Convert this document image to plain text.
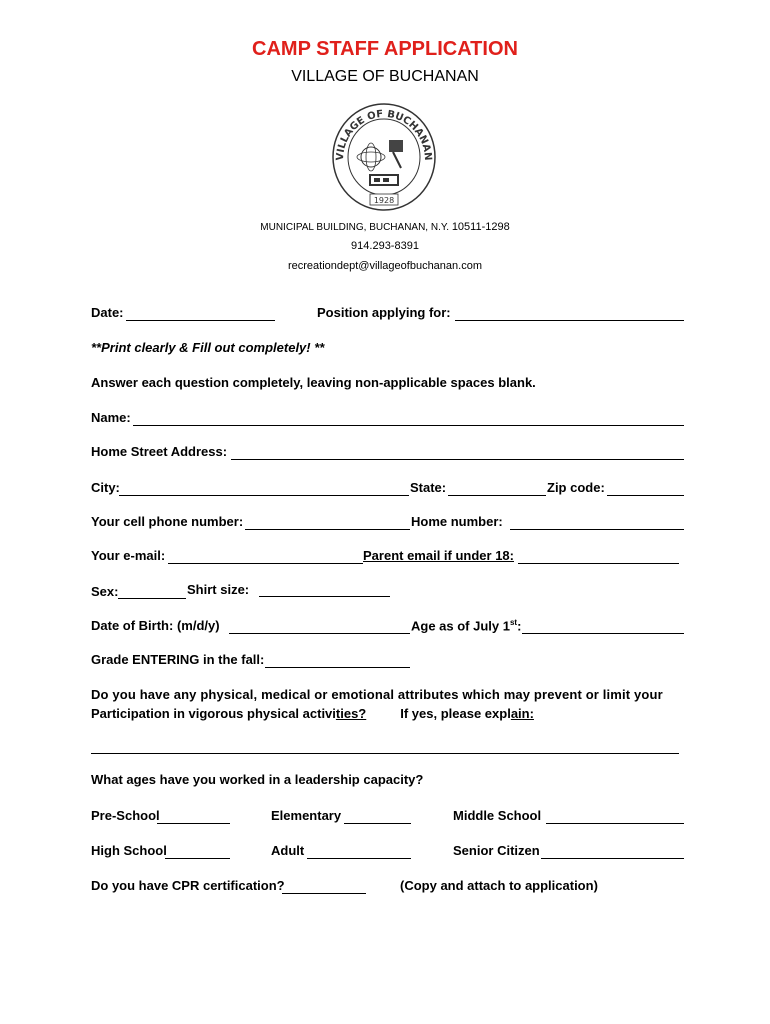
CAMP STAFF APPLICATION
VILLAGE OF BUCHANAN
VILLAGE OF BUCHANAN
1928
MUNICIPAL BUILDING, BUCHANAN, N.Y. 10511-1298
914.293-8391
recreationdept@villageofbuchanan.com
Date:	Position applying for:
**Print clearly & Fill out completely! **
Answer each question completely, leaving non-applicable spaces blank.
Name:
Home Street Address:
City:	State:	Zip code:
Your cell phone number:	Home number:
Your e-mail:	Parent email if under 18:
Sex:	Shirt size:
Date of Birth: (m/d/y)	Age as of July 1st:
Grade ENTERING in the fall:
Do you have any physical, medical or emotional attributes which may prevent or limit your
Participation in vigorous physical activities?	If yes, please explain:
What ages have you worked in a leadership capacity?
Pre-School	Elementary	Middle School
High School	Adult	Senior Citizen
Do you have CPR certification?	(Copy and attach to application)
